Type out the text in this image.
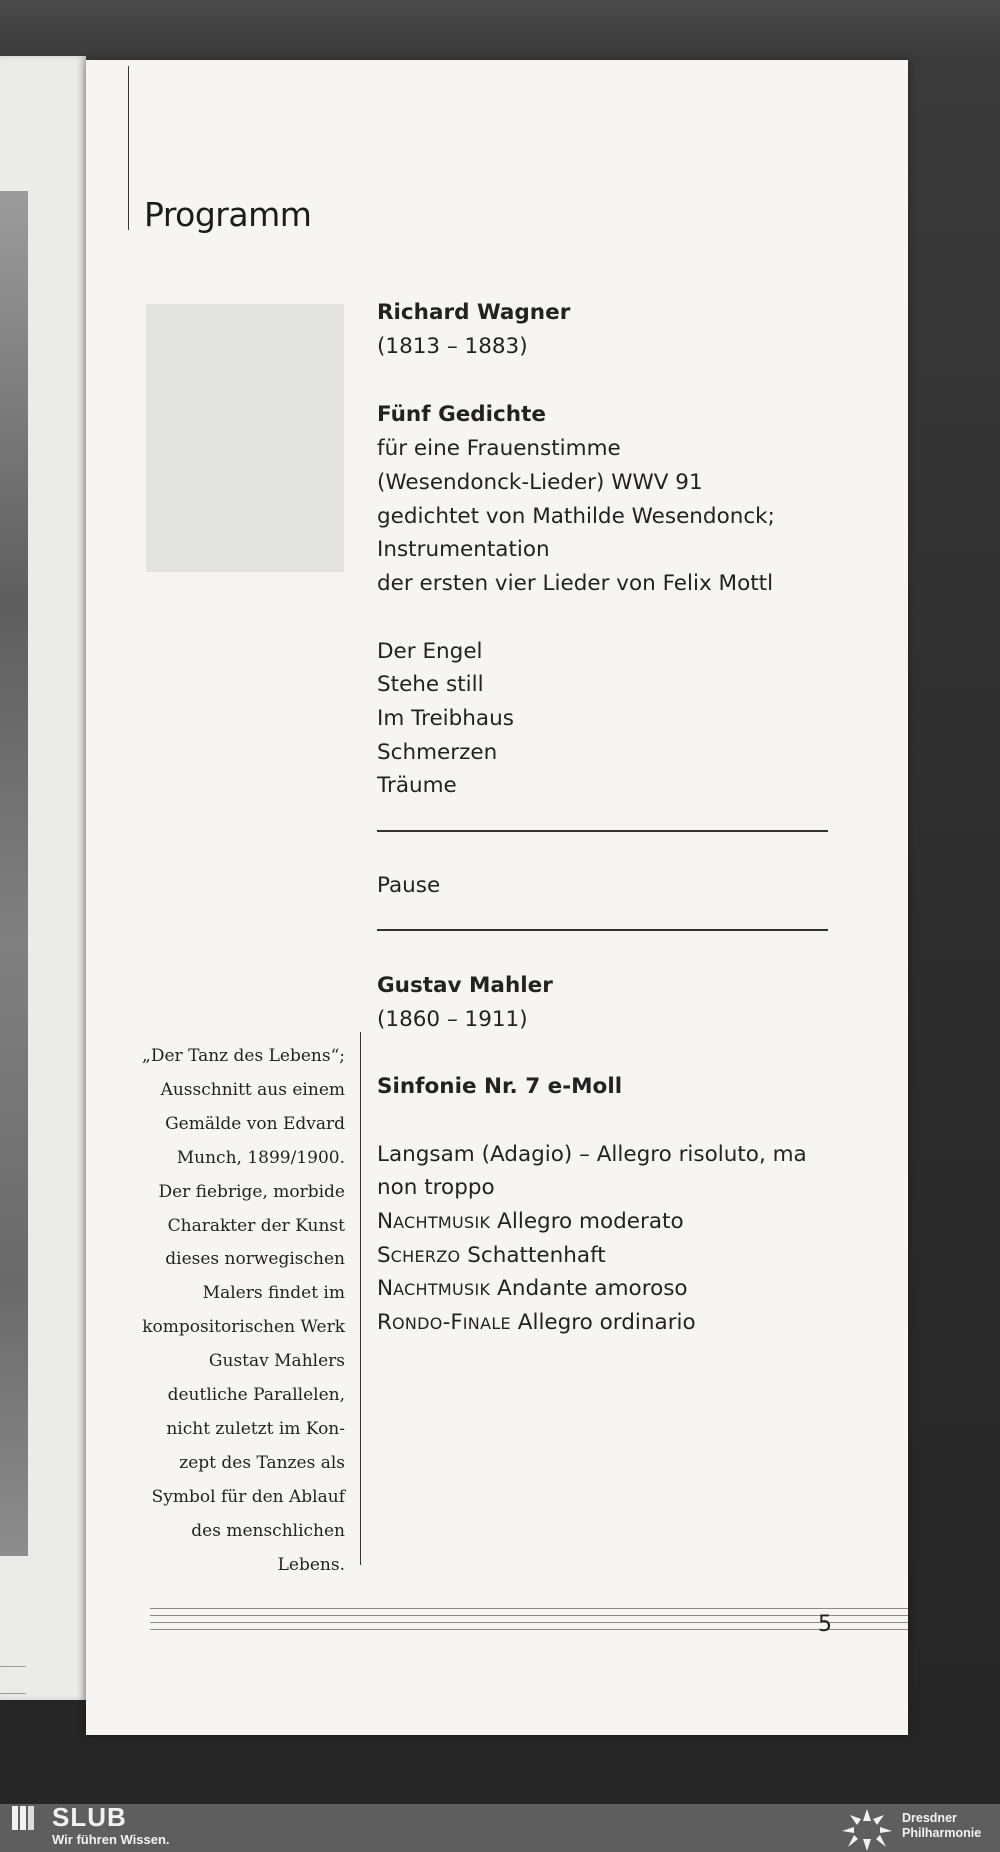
Programm
Richard Wagner
(1813 – 1883)
Fünf Gedichte
für eine Frauenstimme
(Wesendonck-Lieder) WWV 91
gedichtet von Mathilde Wesendonck;
Instrumentation
der ersten vier Lieder von Felix Mottl
Der Engel
Stehe still
Im Treibhaus
Schmerzen
Träume
Pause
Gustav Mahler
(1860 – 1911)
Sinfonie Nr. 7 e-Moll
Langsam (Adagio) – Allegro risoluto, ma
non troppo
NACHTMUSIK Allegro moderato
SCHERZO Schattenhaft
NACHTMUSIK Andante amoroso
RONDO-FINALE Allegro ordinario
„Der Tanz des Lebens“;
Ausschnitt aus einem
Gemälde von Edvard
Munch, 1899/1900.
Der fiebrige, morbide
Charakter der Kunst
dieses norwegischen
Malers findet im
kompositorischen Werk
Gustav Mahlers
deutliche Parallelen,
nicht zuletzt im Kon-
zept des Tanzes als
Symbol für den Ablauf
des menschlichen
Lebens.
5
SLUB
Wir führen Wissen.
Dresdner
Philharmonie
